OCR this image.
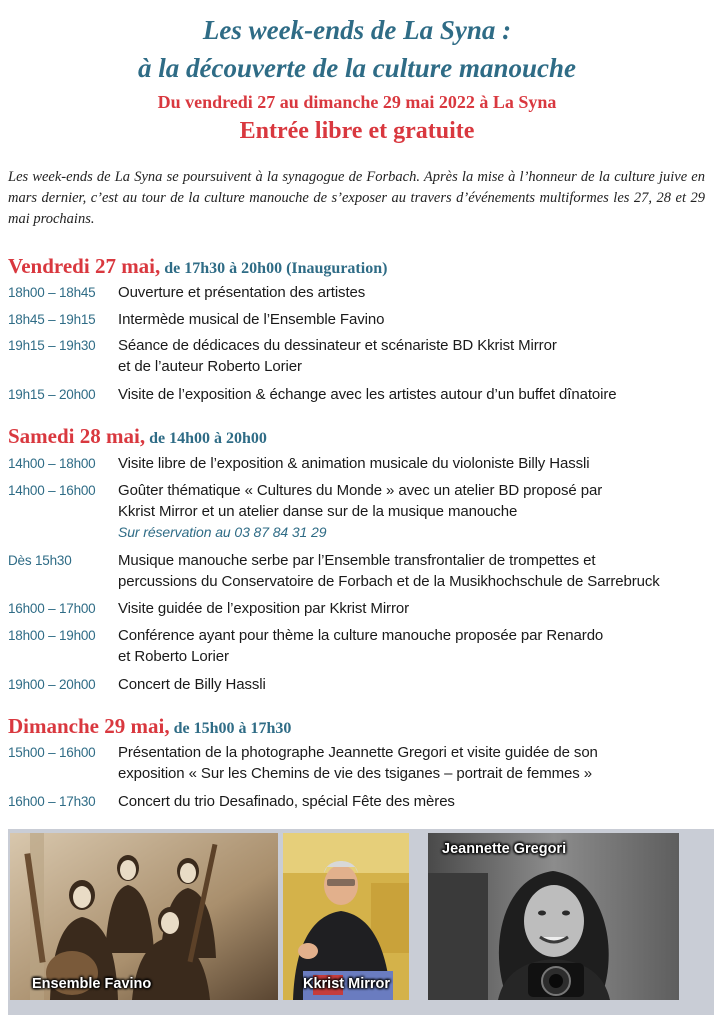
Les week-ends de La Syna :
à la découverte de la culture manouche
Du vendredi 27 au dimanche 29 mai 2022 à La Syna
Entrée libre et gratuite
Les week-ends de La Syna se poursuivent à la synagogue de Forbach. Après la mise à l’honneur de la culture juive en mars dernier, c’est au tour de la culture manouche de s’exposer au travers d’événements multiformes les 27, 28 et 29 mai prochains.
Vendredi 27 mai, de 17h30 à 20h00 (Inauguration)
18h00 – 18h45	Ouverture et présentation des artistes
18h45 – 19h15	Intermède musical de l’Ensemble Favino
19h15 – 19h30	Séance de dédicaces du dessinateur et scénariste BD Kkrist Mirror
et de l’auteur Roberto Lorier
19h15 – 20h00	Visite de l’exposition & échange avec les artistes autour d’un buffet dînatoire
Samedi 28 mai, de 14h00 à 20h00
14h00 – 18h00	Visite libre de l’exposition & animation musicale du violoniste Billy Hassli
14h00 – 16h00	Goûter thématique « Cultures du Monde » avec un atelier BD proposé par
Kkrist Mirror et un atelier danse sur de la musique manouche
Sur réservation au 03 87 84 31 29
Dès 15h30	Musique manouche serbe par l’Ensemble transfrontalier de trompettes et
percussions du Conservatoire de Forbach et de la Musikhochschule de Sarrebruck
16h00 – 17h00	Visite guidée de l’exposition par Kkrist Mirror
18h00 – 19h00	Conférence ayant pour thème la culture manouche proposée par Renardo
et Roberto Lorier
19h00 – 20h00	Concert de Billy Hassli
Dimanche 29 mai, de 15h00 à 17h30
15h00 – 16h00	Présentation de la photographe Jeannette Gregori et visite guidée de son
exposition « Sur les Chemins de vie des tsiganes – portrait de femmes »
16h00 – 17h30	Concert du trio Desafinado, spécial Fête des mères
Ensemble Favino	Kkrist Mirror
Jeannette Gregori
